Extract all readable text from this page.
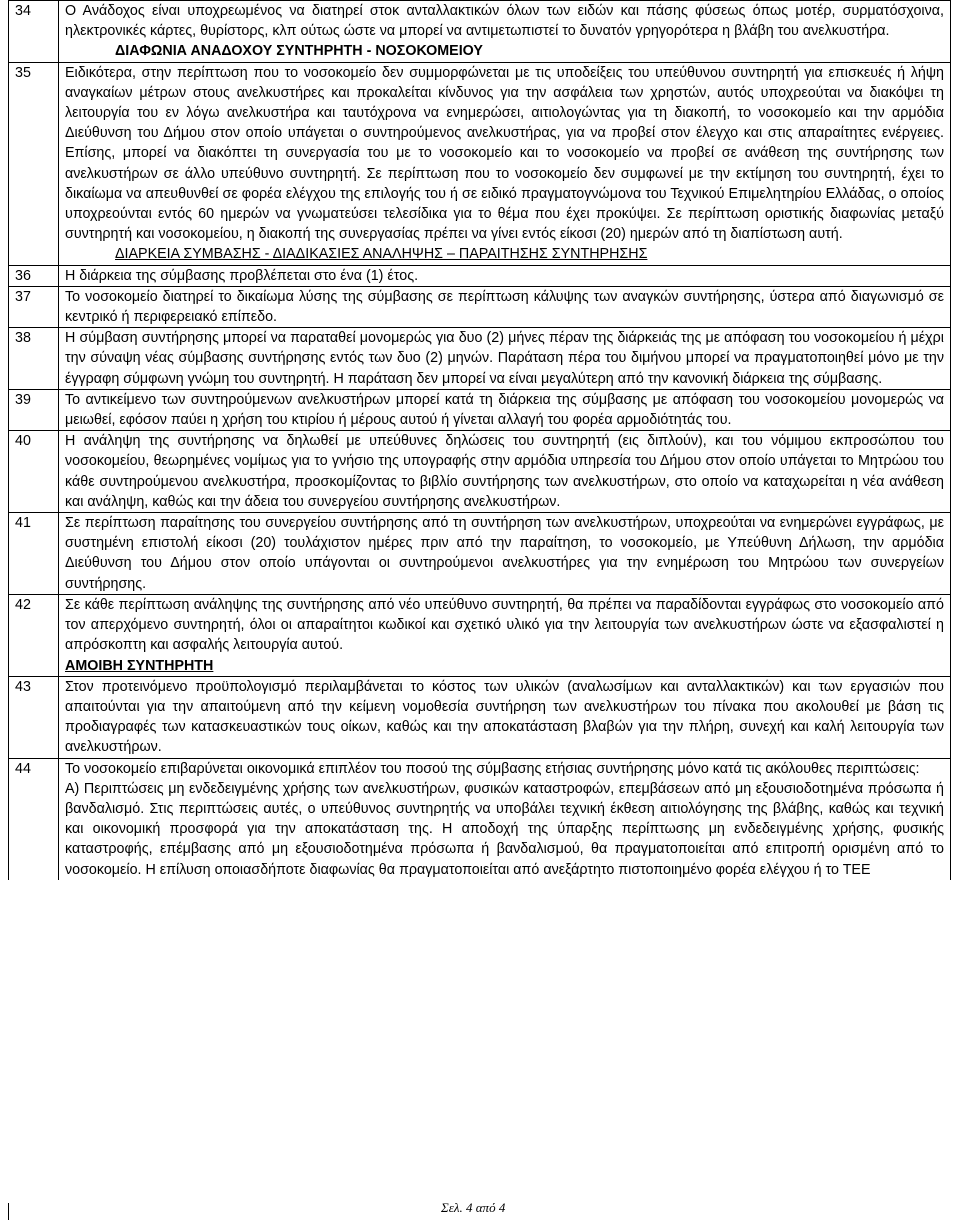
34	Ο Ανάδοχος είναι υποχρεωμένος να διατηρεί στοκ ανταλλακτικών όλων των ειδών και πάσης φύσεως όπως μοτέρ, συρματόσχοινα, ηλεκτρονικές κάρτες, θυρίστορς, κλπ ούτως ώστε να μπορεί να αντιμετωπιστεί το δυνατόν γρηγορότερα η βλάβη του ανελκυστήρα.
ΔΙΑΦΩΝΙΑ ΑΝΑΔΟΧΟΥ ΣΥΝΤΗΡΗΤΗ - ΝΟΣΟΚΟΜΕΙΟΥ

35	Ειδικότερα, στην περίπτωση που το νοσοκομείο δεν συμμορφώνεται με τις υποδείξεις του υπεύθυνου συντηρητή για επισκευές ή λήψη αναγκαίων μέτρων στους ανελκυστήρες και προκαλείται κίνδυνος για την ασφάλεια των χρηστών, αυτός υποχρεούται να διακόψει τη λειτουργία του εν λόγω ανελκυστήρα και ταυτόχρονα να ενημερώσει, αιτιολογώντας για τη διακοπή, το νοσοκομείο και την αρμόδια Διεύθυνση του Δήμου στον οποίο υπάγεται ο συντηρούμενος ανελκυστήρας, για να προβεί στον έλεγχο και στις απαραίτητες ενέργειες. Επίσης, μπορεί να διακόπτει τη συνεργασία του με το νοσοκομείο και το νοσοκομείο να προβεί σε ανάθεση της συντήρησης των ανελκυστήρων σε άλλο υπεύθυνο συντηρητή. Σε περίπτωση που το νοσοκομείο δεν συμφωνεί με την εκτίμηση του συντηρητή, έχει το δικαίωμα να απευθυνθεί σε φορέα ελέγχου της επιλογής του ή σε ειδικό πραγματογνώμονα του Τεχνικού Επιμελητηρίου Ελλάδας, ο οποίος υποχρεούνται εντός 60 ημερών να γνωματεύσει τελεσίδικα για το θέμα που έχει προκύψει. Σε περίπτωση οριστικής διαφωνίας μεταξύ συντηρητή και νοσοκομείου, η διακοπή της συνεργασίας πρέπει να γίνει εντός είκοσι (20) ημερών από τη διαπίστωση αυτή.
ΔΙΑΡΚΕΙΑ ΣΥΜΒΑΣΗΣ - ΔΙΑΔΙΚΑΣΙΕΣ ΑΝΑΛΗΨΗΣ – ΠΑΡΑΙΤΗΣΗΣ ΣΥΝΤΗΡΗΣΗΣ

36	Η διάρκεια της σύμβασης προβλέπεται στο ένα (1) έτος.
37	Το νοσοκομείο διατηρεί το δικαίωμα λύσης της σύμβασης σε περίπτωση κάλυψης των αναγκών συντήρησης, ύστερα από διαγωνισμό σε κεντρικό ή περιφερειακό επίπεδο.
38	Η σύμβαση συντήρησης μπορεί να παραταθεί μονομερώς για δυο (2) μήνες πέραν της διάρκειάς της με απόφαση του νοσοκομείου ή μέχρι την σύναψη νέας σύμβασης συντήρησης εντός των δυο (2) μηνών. Παράταση πέρα του διμήνου μπορεί να πραγματοποιηθεί μόνο με την έγγραφη σύμφωνη γνώμη του συντηρητή. Η παράταση δεν μπορεί να είναι μεγαλύτερη από την κανονική διάρκεια της σύμβασης.
39	Το αντικείμενο των συντηρούμενων ανελκυστήρων μπορεί κατά τη διάρκεια της σύμβασης με απόφαση του νοσοκομείου μονομερώς να μειωθεί, εφόσον παύει η χρήση του κτιρίου ή μέρους αυτού ή γίνεται αλλαγή του φορέα αρμοδιότητάς του.
40	Η ανάληψη της συντήρησης να δηλωθεί με υπεύθυνες δηλώσεις του συντηρητή (εις διπλούν), και του νόμιμου εκπροσώπου του νοσοκομείου, θεωρημένες νομίμως για το γνήσιο της υπογραφής στην αρμόδια υπηρεσία του Δήμου στον οποίο υπάγεται το Μητρώου του κάθε συντηρούμενου ανελκυστήρα, προσκομίζοντας το βιβλίο συντήρησης των ανελκυστήρων, στο οποίο να καταχωρείται η νέα ανάθεση και ανάληψη, καθώς και την άδεια του συνεργείου συντήρησης ανελκυστήρων.
41	Σε περίπτωση παραίτησης του συνεργείου συντήρησης από τη συντήρηση των ανελκυστήρων, υποχρεούται να ενημερώνει εγγράφως, με συστημένη επιστολή είκοσι (20) τουλάχιστον ημέρες πριν από την παραίτηση, το νοσοκομείο, με Υπεύθυνη Δήλωση, την αρμόδια Διεύθυνση του Δήμου στον οποίο υπάγονται οι συντηρούμενοι ανελκυστήρες για την ενημέρωση του Μητρώου των συνεργείων συντήρησης.
42	Σε κάθε περίπτωση ανάληψης της συντήρησης από νέο υπεύθυνο συντηρητή, θα πρέπει να παραδίδονται εγγράφως στο νοσοκομείο από τον απερχόμενο συντηρητή, όλοι οι απαραίτητοι κωδικοί και σχετικό υλικό για την λειτουργία των ανελκυστήρων ώστε να εξασφαλιστεί η απρόσκοπτη και ασφαλής λειτουργία αυτού.
ΑΜΟΙΒΗ ΣΥΝΤΗΡΗΤΗ

43	Στον προτεινόμενο προϋπολογισμό περιλαμβάνεται το κόστος των υλικών (αναλωσίμων και ανταλλακτικών) και των εργασιών που απαιτούνται για την απαιτούμενη από την κείμενη νομοθεσία συντήρηση των ανελκυστήρων του πίνακα που ακολουθεί με βάση τις προδιαγραφές των κατασκευαστικών τους οίκων, καθώς και την αποκατάσταση βλαβών για την πλήρη, συνεχή και καλή λειτουργία των ανελκυστήρων.
44	Το νοσοκομείο επιβαρύνεται οικονομικά επιπλέον του ποσού της σύμβασης ετήσιας συντήρησης μόνο κατά τις ακόλουθες περιπτώσεις:
Α) Περιπτώσεις μη ενδεδειγμένης χρήσης των ανελκυστήρων, φυσικών καταστροφών, επεμβάσεων από μη εξουσιοδοτημένα πρόσωπα ή βανδαλισμό. Στις περιπτώσεις αυτές, ο υπεύθυνος συντηρητής να υποβάλει τεχνική έκθεση αιτιολόγησης της βλάβης, καθώς και τεχνική και οικονομική προσφορά για την αποκατάσταση της. Η αποδοχή της ύπαρξης περίπτωσης μη ενδεδειγμένης χρήσης, φυσικής καταστροφής, επέμβασης από μη εξουσιοδοτημένα πρόσωπα ή βανδαλισμού, θα πραγματοποιείται από επιτροπή ορισμένη από το νοσοκομείο. Η επίλυση οποιασδήποτε διαφωνίας θα πραγματοποιείται από ανεξάρτητο πιστοποιημένο φορέα ελέγχου ή το ΤΕΕ
Σελ. 4 από 4
